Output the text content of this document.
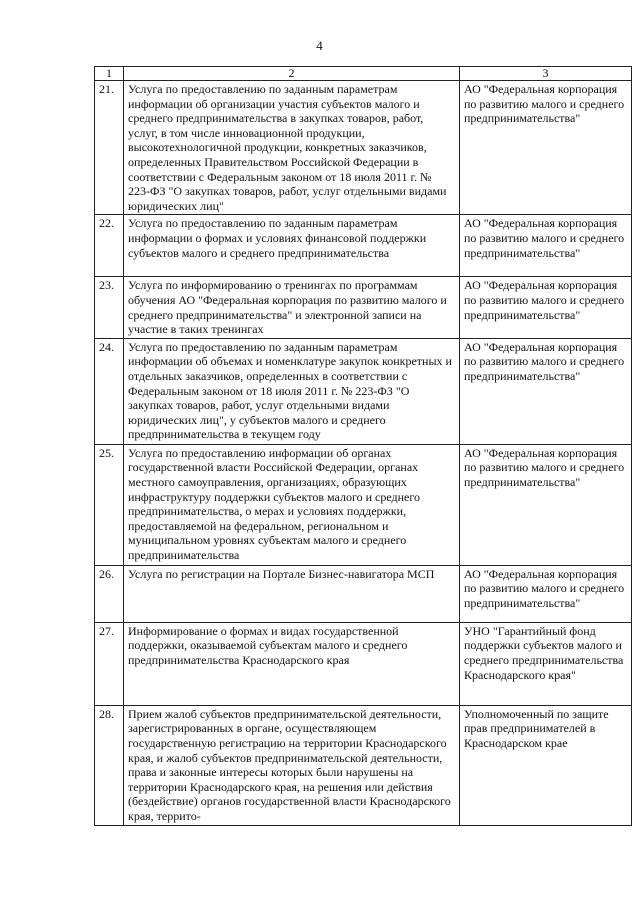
4
1	2	3
21.	Услуга по предоставлению по заданным параметрам информации об организации участия субъектов малого и среднего предпринимательства в закупках товаров, работ, услуг, в том числе инновационной продукции, высокотехнологичной продукции, конкретных заказчиков, определенных Правительством Российской Федерации в соответствии с Федеральным законом от 18 июля 2011 г. № 223-ФЗ "О закупках товаров, работ, услуг отдельными видами юридических лиц"	АО "Федеральная корпорация по развитию малого и среднего предпринимательства"
22.	Услуга по предоставлению по заданным параметрам информации о формах и условиях финансовой поддержки субъектов малого и среднего предпринимательства	АО "Федеральная корпорация по развитию малого и среднего предпринимательства"
23.	Услуга по информированию о тренингах по программам обучения АО "Федеральная корпорация по развитию малого и среднего предпринимательства" и электронной записи на участие в таких тренингах	АО "Федеральная корпорация по развитию малого и среднего предпринимательства"
24.	Услуга по предоставлению по заданным параметрам информации об объемах и номенклатуре закупок конкретных и отдельных заказчиков, определенных в соответствии с Федеральным законом от 18 июля 2011 г. № 223-ФЗ "О закупках товаров, работ, услуг отдельными видами юридических лиц", у субъектов малого и среднего предпринимательства в текущем году	АО "Федеральная корпорация по развитию малого и среднего предпринимательства"
25.	Услуга по предоставлению информации об органах государственной власти Российской Федерации, органах местного самоуправления, организациях, образующих инфраструктуру поддержки субъектов малого и среднего предпринимательства, о мерах и условиях поддержки, предоставляемой на федеральном, региональном и муниципальном уровнях субъектам малого и среднего предпринимательства	АО "Федеральная корпорация по развитию малого и среднего предпринимательства"
26.	Услуга по регистрации на Портале Бизнес-навигатора МСП	АО "Федеральная корпорация по развитию малого и среднего предпринимательства"
27.	Информирование о формах и видах государственной поддержки, оказываемой субъектам малого и среднего предпринимательства Краснодарского края	УНО "Гарантийный фонд поддержки субъектов малого и среднего предпринимательства Краснодарского края"
28.	Прием жалоб субъектов предпринимательской деятельности, зарегистрированных в органе, осуществляющем государственную регистрацию на территории Краснодарского края, и жалоб субъектов предпринимательской деятельности, права и законные интересы которых были нарушены на территории Краснодарского края, на решения или действия (бездействие) органов государственной власти Краснодарского края, террито-	Уполномоченный по защите прав предпринимателей в Краснодарском крае
